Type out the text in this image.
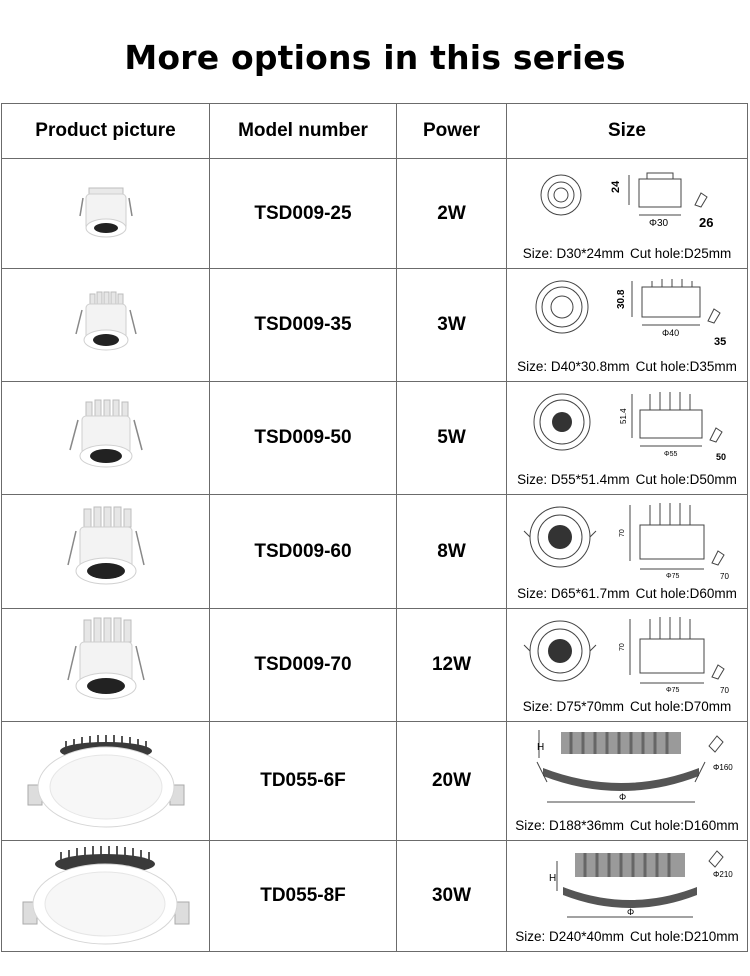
More options in this series
Product picture	Model number	Power	Size
	TSD009-25	2W	24
Φ30 26
Size: D30*24mm Cut hole:D25mm

	TSD009-35	3W	30.8
Φ40
35
Size: D40*30.8mm Cut hole:D35mm

	TSD009-50	5W	51.4
Φ55 50
Size: D55*51.4mm Cut hole:D50mm

	TSD009-60	8W	70
Φ75 70
Size: D65*61.7mm Cut hole:D60mm

	TSD009-70	12W	70
Φ75 70
Size: D75*70mm Cut hole:D70mm

	TD055-6F	20W	H
Φ
Φ160
Size: D188*36mm Cut hole:D160mm

	TD055-8F	30W	H
Φ
Φ210
Size: D240*40mm Cut hole:D210mm
